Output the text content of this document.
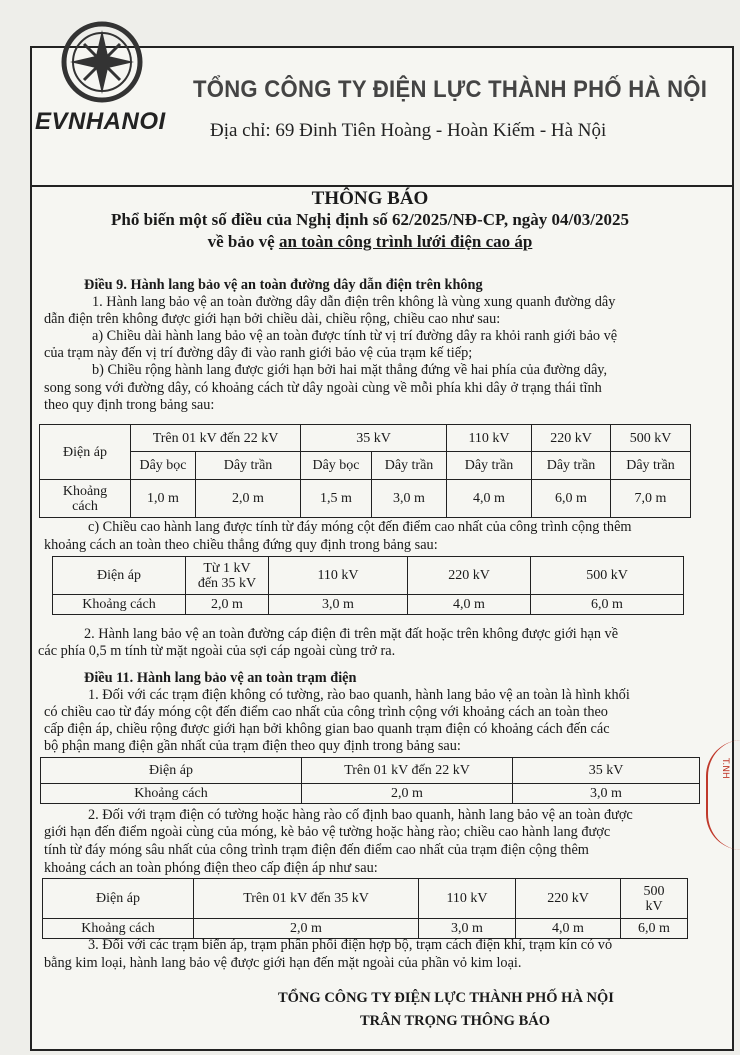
EVNHANOI
TỔNG CÔNG TY ĐIỆN LỰC THÀNH PHỐ HÀ NỘI
Địa chỉ: 69 Đinh Tiên Hoàng - Hoàn Kiếm - Hà Nội
THÔNG BÁO
Phổ biến một số điều của Nghị định số 62/2025/NĐ-CP, ngày 04/03/2025
về bảo vệ an toàn công trình lưới điện cao áp
Điều 9. Hành lang bảo vệ an toàn đường dây dẫn điện trên không
1. Hành lang bảo vệ an toàn đường dây dẫn điện trên không là vùng xung quanh đường dây
dẫn điện trên không được giới hạn bởi chiều dài, chiều rộng, chiều cao như sau:
a) Chiều dài hành lang bảo vệ an toàn được tính từ vị trí đường dây ra khỏi ranh giới bảo vệ
của trạm này đến vị trí đường dây đi vào ranh giới bảo vệ của trạm kế tiếp;
b) Chiều rộng hành lang được giới hạn bởi hai mặt thẳng đứng về hai phía của đường dây,
song song với đường dây, có khoảng cách từ dây ngoài cùng về mỗi phía khi dây ở trạng thái tĩnh
theo quy định trong bảng sau:
Điện áp	Trên 01 kV đến 22 kV		35 kV		110 kV	220 kV	500 kV
	Dây bọc	Dây trần	Dây bọc	Dây trần	Dây trần	Dây trần	Dây trần
Khoảng
cách	1,0 m	2,0 m	1,5 m	3,0 m	4,0 m	6,0 m	7,0 m
c) Chiều cao hành lang được tính từ đáy móng cột đến điểm cao nhất của công trình cộng thêm
khoảng cách an toàn theo chiều thẳng đứng quy định trong bảng sau:
Điện áp	Từ 1 kV
đến 35 kV	110 kV	220 kV	500 kV
Khoảng cách	2,0 m	3,0 m	4,0 m	6,0 m
2. Hành lang bảo vệ an toàn đường cáp điện đi trên mặt đất hoặc trên không được giới hạn về
các phía 0,5 m tính từ mặt ngoài của sợi cáp ngoài cùng trở ra.
Điều 11. Hành lang bảo vệ an toàn trạm điện
1. Đối với các trạm điện không có tường, rào bao quanh, hành lang bảo vệ an toàn là hình khối
có chiều cao từ đáy móng cột đến điểm cao nhất của công trình cộng với khoảng cách an toàn theo
cấp điện áp, chiều rộng được giới hạn bởi không gian bao quanh trạm điện có khoảng cách đến các
bộ phận mang điện gần nhất của trạm điện theo quy định trong bảng sau:
Điện áp	Trên 01 kV đến 22 kV	35 kV
Khoảng cách	2,0 m	3,0 m
2. Đối với trạm điện có tường hoặc hàng rào cố định bao quanh, hành lang bảo vệ an toàn được
giới hạn đến điểm ngoài cùng của móng, kè bảo vệ tường hoặc hàng rào; chiều cao hành lang được
tính từ đáy móng sâu nhất của công trình trạm điện đến điểm cao nhất của trạm điện cộng thêm
khoảng cách an toàn phóng điện theo cấp điện áp như sau:
Điện áp	Trên 01 kV đến 35 kV	110 kV	220 kV	500
kV
Khoảng cách	2,0 m	3,0 m	4,0 m	6,0 m
3. Đối với các trạm biến áp, trạm phân phối điện hợp bộ, trạm cách điện khí, trạm kín có vỏ
bằng kim loại, hành lang bảo vệ được giới hạn đến mặt ngoài của phần vỏ kim loại.
T.NH
TỔNG CÔNG TY ĐIỆN LỰC THÀNH PHỐ HÀ NỘI
TRÂN TRỌNG THÔNG BÁO
